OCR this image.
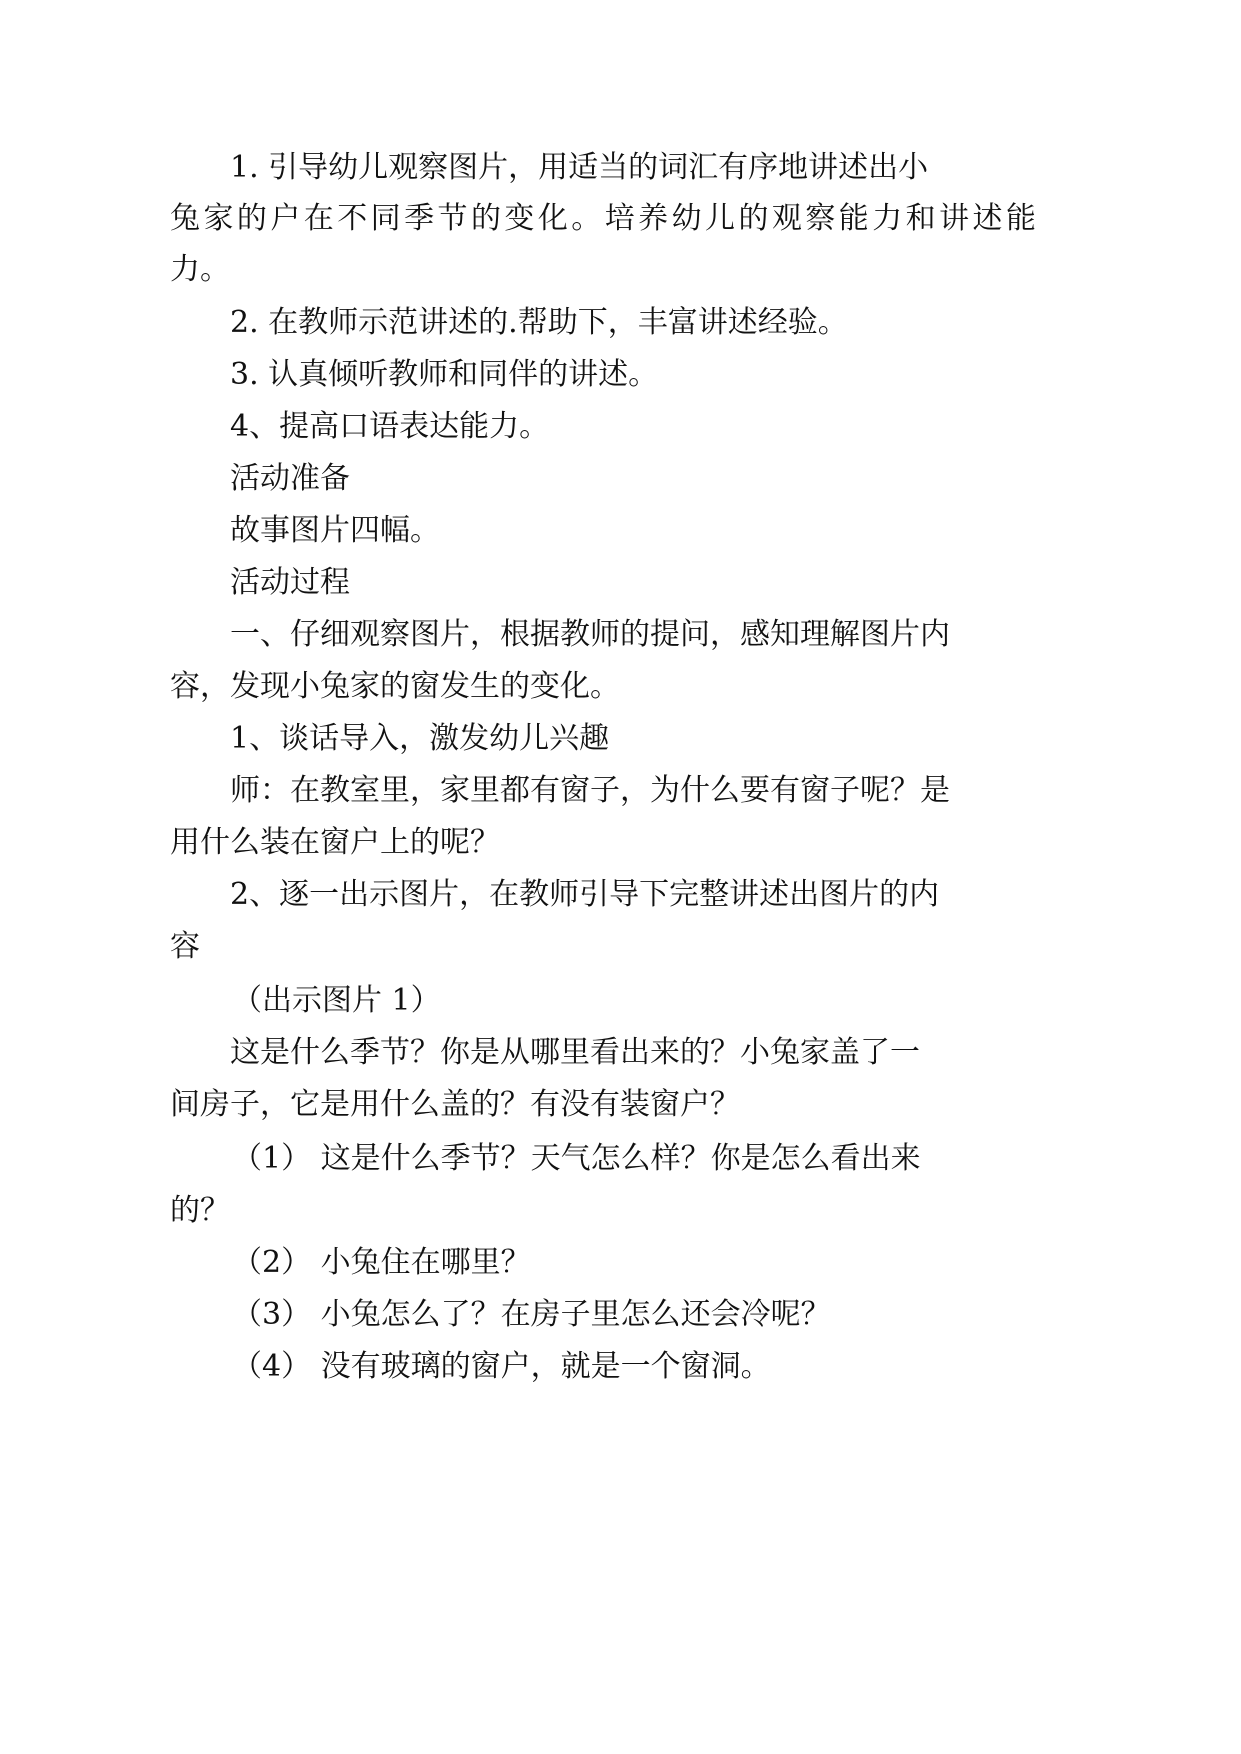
1. 引导幼儿观察图片，用适当的词汇有序地讲述出小
兔家的户在不同季节的变化。培养幼儿的观察能力和讲述能
力。
2. 在教师示范讲述的.帮助下，丰富讲述经验。
3. 认真倾听教师和同伴的讲述。
4、提高口语表达能力。
活动准备
故事图片四幅。
活动过程
一、仔细观察图片，根据教师的提问，感知理解图片内
容，发现小兔家的窗发生的变化。
1、谈话导入，激发幼儿兴趣
师：在教室里，家里都有窗子，为什么要有窗子呢？是
用什么装在窗户上的呢？
2、逐一出示图片，在教师引导下完整讲述出图片的内
容
（出示图片 1）
这是什么季节？你是从哪里看出来的？小兔家盖了一
间房子，它是用什么盖的？有没有装窗户？
（1） 这是什么季节？天气怎么样？你是怎么看出来
的？
（2） 小兔住在哪里？
（3） 小兔怎么了？在房子里怎么还会冷呢？
（4） 没有玻璃的窗户，就是一个窗洞。
